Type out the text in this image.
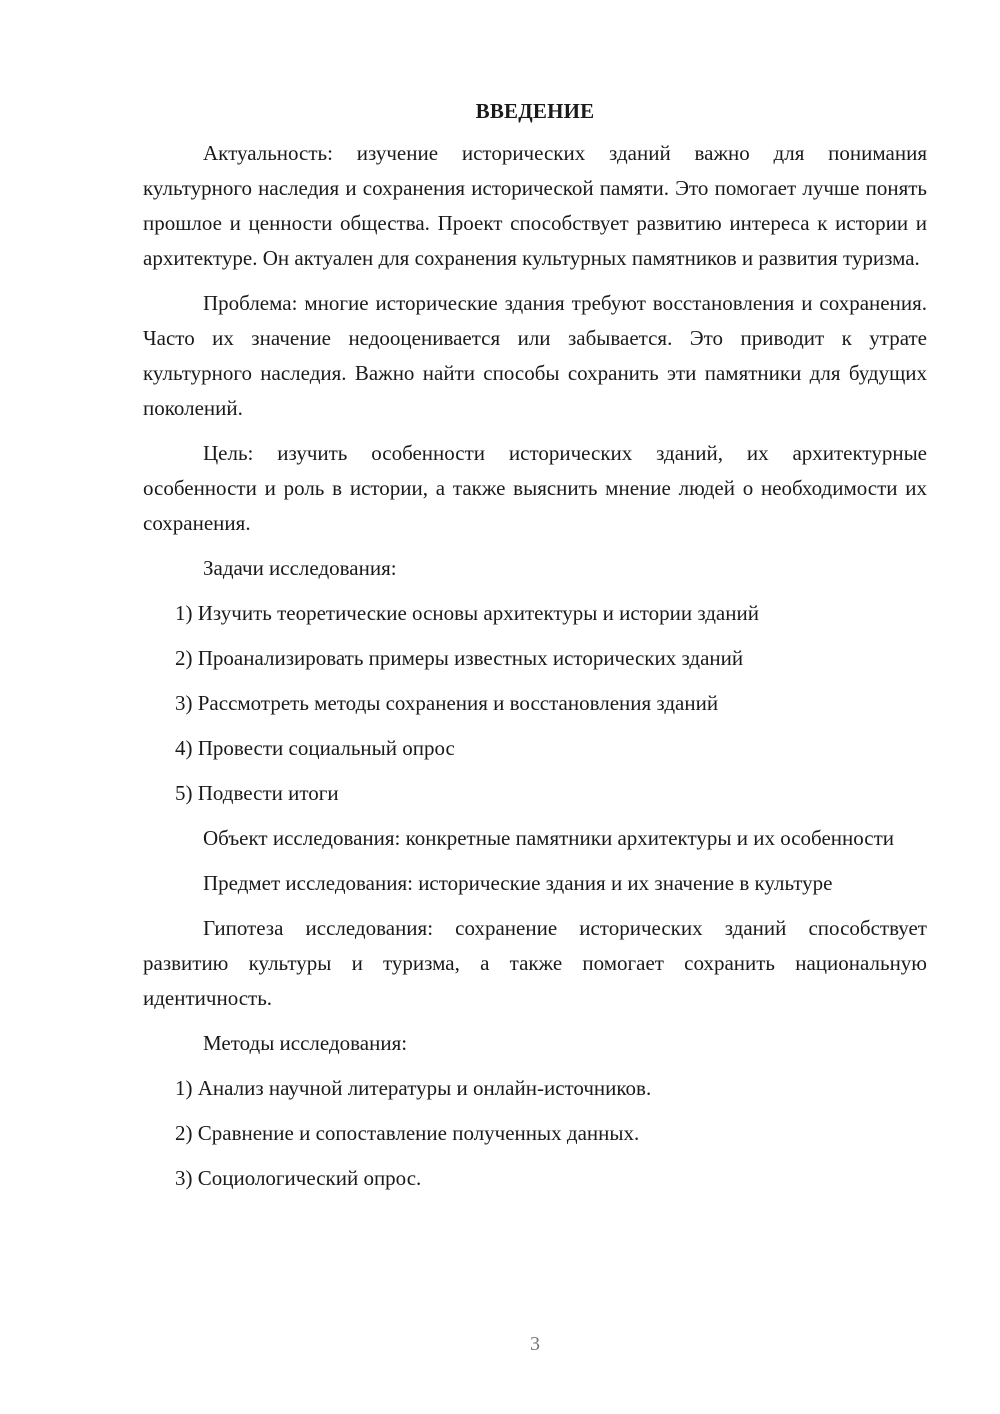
ВВЕДЕНИЕ

Актуальность: изучение исторических зданий важно для понимания культурного наследия и сохранения исторической памяти. Это помогает лучше понять прошлое и ценности общества. Проект способствует развитию интереса к истории и архитектуре. Он актуален для сохранения культурных памятников и развития туризма.

Проблема: многие исторические здания требуют восстановления и сохранения. Часто их значение недооценивается или забывается. Это приводит к утрате культурного наследия. Важно найти способы сохранить эти памятники для будущих поколений.

Цель: изучить особенности исторических зданий, их архитектурные особенности и роль в истории, а также выяснить мнение людей о необходимости их сохранения.

Задачи исследования:

1 ) Изучить теоретические основы архитектуры и истории зданий
2 ) Проанализировать примеры известных исторических зданий
3 ) Рассмотреть методы сохранения и восстановления зданий
4 ) Провести социальный опрос
5 ) Подвести итоги

Объект исследования: конкретные памятники архитектуры и их особенности

Предмет исследования: исторические здания и их значение в культуре

Гипотеза исследования: сохранение исторических зданий способствует развитию культуры и туризма, а также помогает сохранить национальную идентичность.

Методы исследования:

1 ) Анализ научной литературы и онлайн-источников.
2 ) Сравнение и сопоставление полученных данных.
3 ) Социологический опрос.
3
